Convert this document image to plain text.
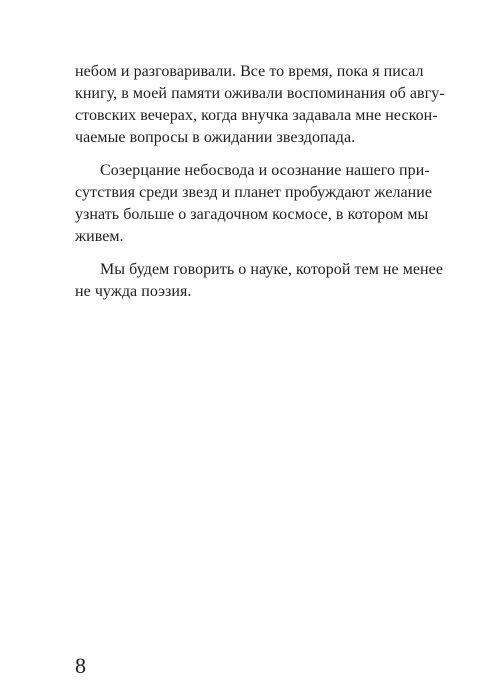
небом и разговаривали. Все то время, пока я писал
книгу, в моей памяти оживали воспоминания об авгу-
стовских вечерах, когда внучка задавала мне нескон-
чаемые вопросы в ожидании звездопада.
Созерцание небосвода и осознание нашего при-
сутствия среди звезд и планет пробуждают желание
узнать больше о загадочном космосе, в котором мы
живем.
Мы будем говорить о науке, которой тем не менее
не чужда поэзия.
8
